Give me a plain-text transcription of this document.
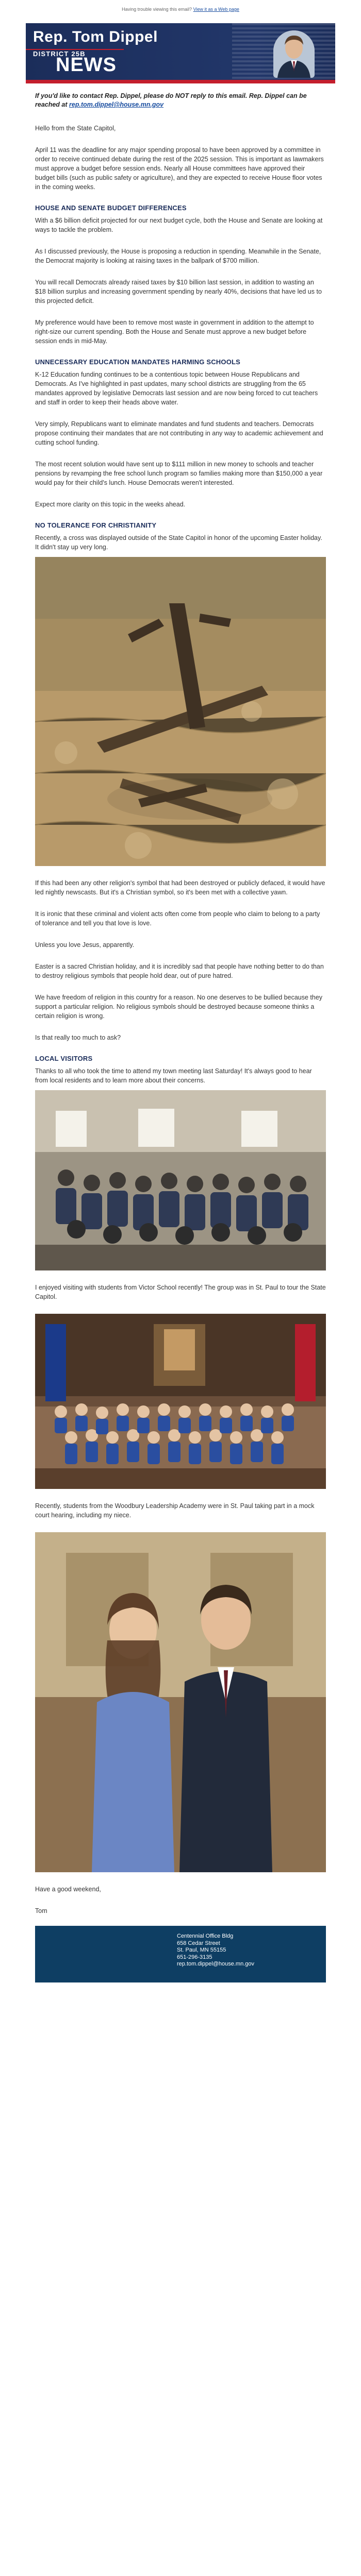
Having trouble viewing this email? View it as a Web page
Rep. Tom Dippel
DISTRICT 25B
NEWS
If you'd like to contact Rep. Dippel, please do NOT reply to this email. Rep. Dippel can be reached at rep.tom.dippel@house.mn.gov

Hello from the State Capitol,

April 11 was the deadline for any major spending proposal to have been approved by a committee in order to receive continued debate during the rest of the 2025 session. This is important as lawmakers must approve a budget before session ends. Nearly all House committees have approved their budget bills (such as public safety or agriculture), and they are expected to receive House floor votes in the coming weeks.

HOUSE AND SENATE BUDGET DIFFERENCES

With a $6 billion deficit projected for our next budget cycle, both the House and Senate are looking at ways to tackle the problem.

As I discussed previously, the House is proposing a reduction in spending. Meanwhile in the Senate, the Democrat majority is looking at raising taxes in the ballpark of $700 million.

You will recall Democrats already raised taxes by $10 billion last session, in addition to wasting an $18 billion surplus and increasing government spending by nearly 40%, decisions that have led us to this projected deficit.

My preference would have been to remove most waste in government in addition to the attempt to right-size our current spending. Both the House and Senate must approve a new budget before session ends in mid-May.

UNNECESSARY EDUCATION MANDATES HARMING SCHOOLS

K-12 Education funding continues to be a contentious topic between House Republicans and Democrats. As I've highlighted in past updates, many school districts are struggling from the 65 mandates approved by legislative Democrats last session and are now being forced to cut teachers and staff in order to keep their heads above water.

Very simply, Republicans want to eliminate mandates and fund students and teachers. Democrats propose continuing their mandates that are not contributing in any way to academic achievement and cutting school funding.

The most recent solution would have sent up to $111 million in new money to schools and teacher pensions by revamping the free school lunch program so families making more than $150,000 a year would pay for their child's lunch. House Democrats weren't interested.

Expect more clarity on this topic in the weeks ahead.

NO TOLERANCE FOR CHRISTIANITY

Recently, a cross was displayed outside of the State Capitol in honor of the upcoming Easter holiday. It didn't stay up very long.

If this had been any other religion's symbol that had been destroyed or publicly defaced, it would have led nightly newscasts. But it's a Christian symbol, so it's been met with a collective yawn.

It is ironic that these criminal and violent acts often come from people who claim to belong to a party of tolerance and tell you that love is love.

Unless you love Jesus, apparently.

Easter is a sacred Christian holiday, and it is incredibly sad that people have nothing better to do than to destroy religious symbols that people hold dear, out of pure hatred.

We have freedom of religion in this country for a reason. No one deserves to be bullied because they support a particular religion. No religious symbols should be destroyed because someone thinks a certain religion is wrong.

Is that really too much to ask?

LOCAL VISITORS

Thanks to all who took the time to attend my town meeting last Saturday! It's always good to hear from local residents and to learn more about their concerns.

I enjoyed visiting with students from Victor School recently! The group was in St. Paul to tour the State Capitol.

Recently, students from the Woodbury Leadership Academy were in St. Paul taking part in a mock court hearing, including my niece.

Have a good weekend,

Tom

Centennial Office Bldg
658 Cedar Street
St. Paul, MN 55155
651-296-3135
rep.tom.dippel@house.mn.gov
